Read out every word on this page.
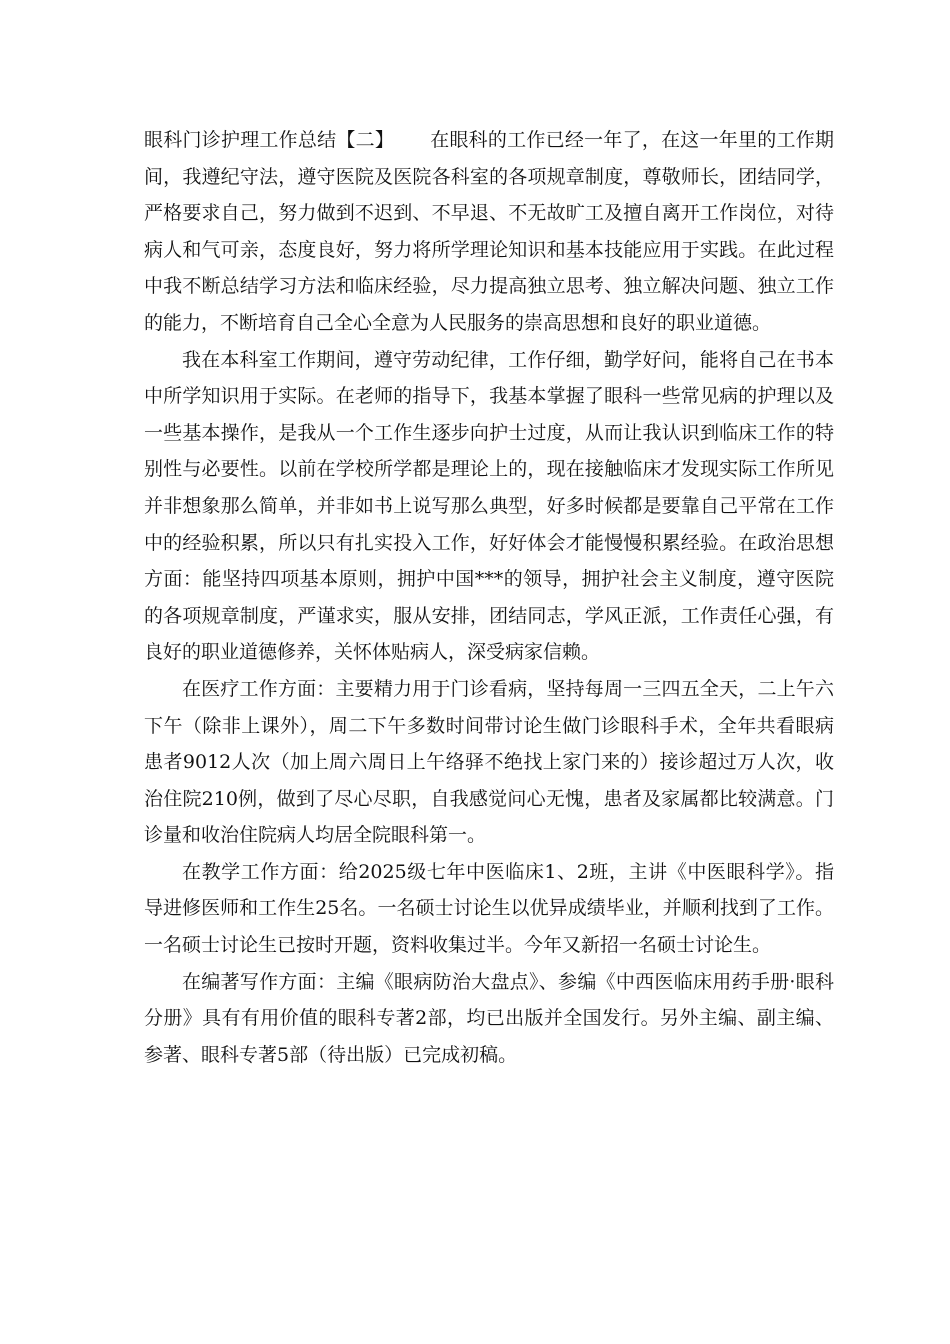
眼科门诊护理工作总结【二】 在眼科的工作已经一年了，在这一年里的工作期间，我遵纪守法，遵守医院及医院各科室的各项规章制度，尊敬师长，团结同学，严格要求自己，努力做到不迟到、不早退、不无故旷工及擅自离开工作岗位，对待病人和气可亲，态度良好，努力将所学理论知识和基本技能应用于实践。在此过程中我不断总结学习方法和临床经验，尽力提高独立思考、独立解决问题、独立工作的能力，不断培育自己全心全意为人民服务的崇高思想和良好的职业道德。

我在本科室工作期间，遵守劳动纪律，工作仔细，勤学好问，能将自己在书本中所学知识用于实际。在老师的指导下，我基本掌握了眼科一些常见病的护理以及一些基本操作，是我从一个工作生逐步向护士过度，从而让我认识到临床工作的特别性与必要性。以前在学校所学都是理论上的，现在接触临床才发现实际工作所见并非想象那么简单，并非如书上说写那么典型，好多时候都是要靠自己平常在工作中的经验积累，所以只有扎实投入工作，好好体会才能慢慢积累经验。在政治思想方面：能坚持四项基本原则，拥护中国***的领导，拥护社会主义制度，遵守医院的各项规章制度，严谨求实，服从安排，团结同志，学风正派，工作责任心强，有良好的职业道德修养，关怀体贴病人，深受病家信赖。

在医疗工作方面：主要精力用于门诊看病，坚持每周一三四五全天，二上午六下午（除非上课外），周二下午多数时间带讨论生做门诊眼科手术，全年共看眼病患者9012人次（加上周六周日上午络驿不绝找上家门来的）接诊超过万人次，收治住院210例，做到了尽心尽职，自我感觉问心无愧，患者及家属都比较满意。门诊量和收治住院病人均居全院眼科第一。

在教学工作方面：给2025级七年中医临床1、2班，主讲《中医眼科学》。指导进修医师和工作生25名。一名硕士讨论生以优异成绩毕业，并顺利找到了工作。一名硕士讨论生已按时开题，资料收集过半。今年又新招一名硕士讨论生。

在编著写作方面：主编《眼病防治大盘点》、参编《中西医临床用药手册·眼科分册》具有有用价值的眼科专著2部，均已出版并全国发行。另外主编、副主编、参著、眼科专著5部（待出版）已完成初稿。
